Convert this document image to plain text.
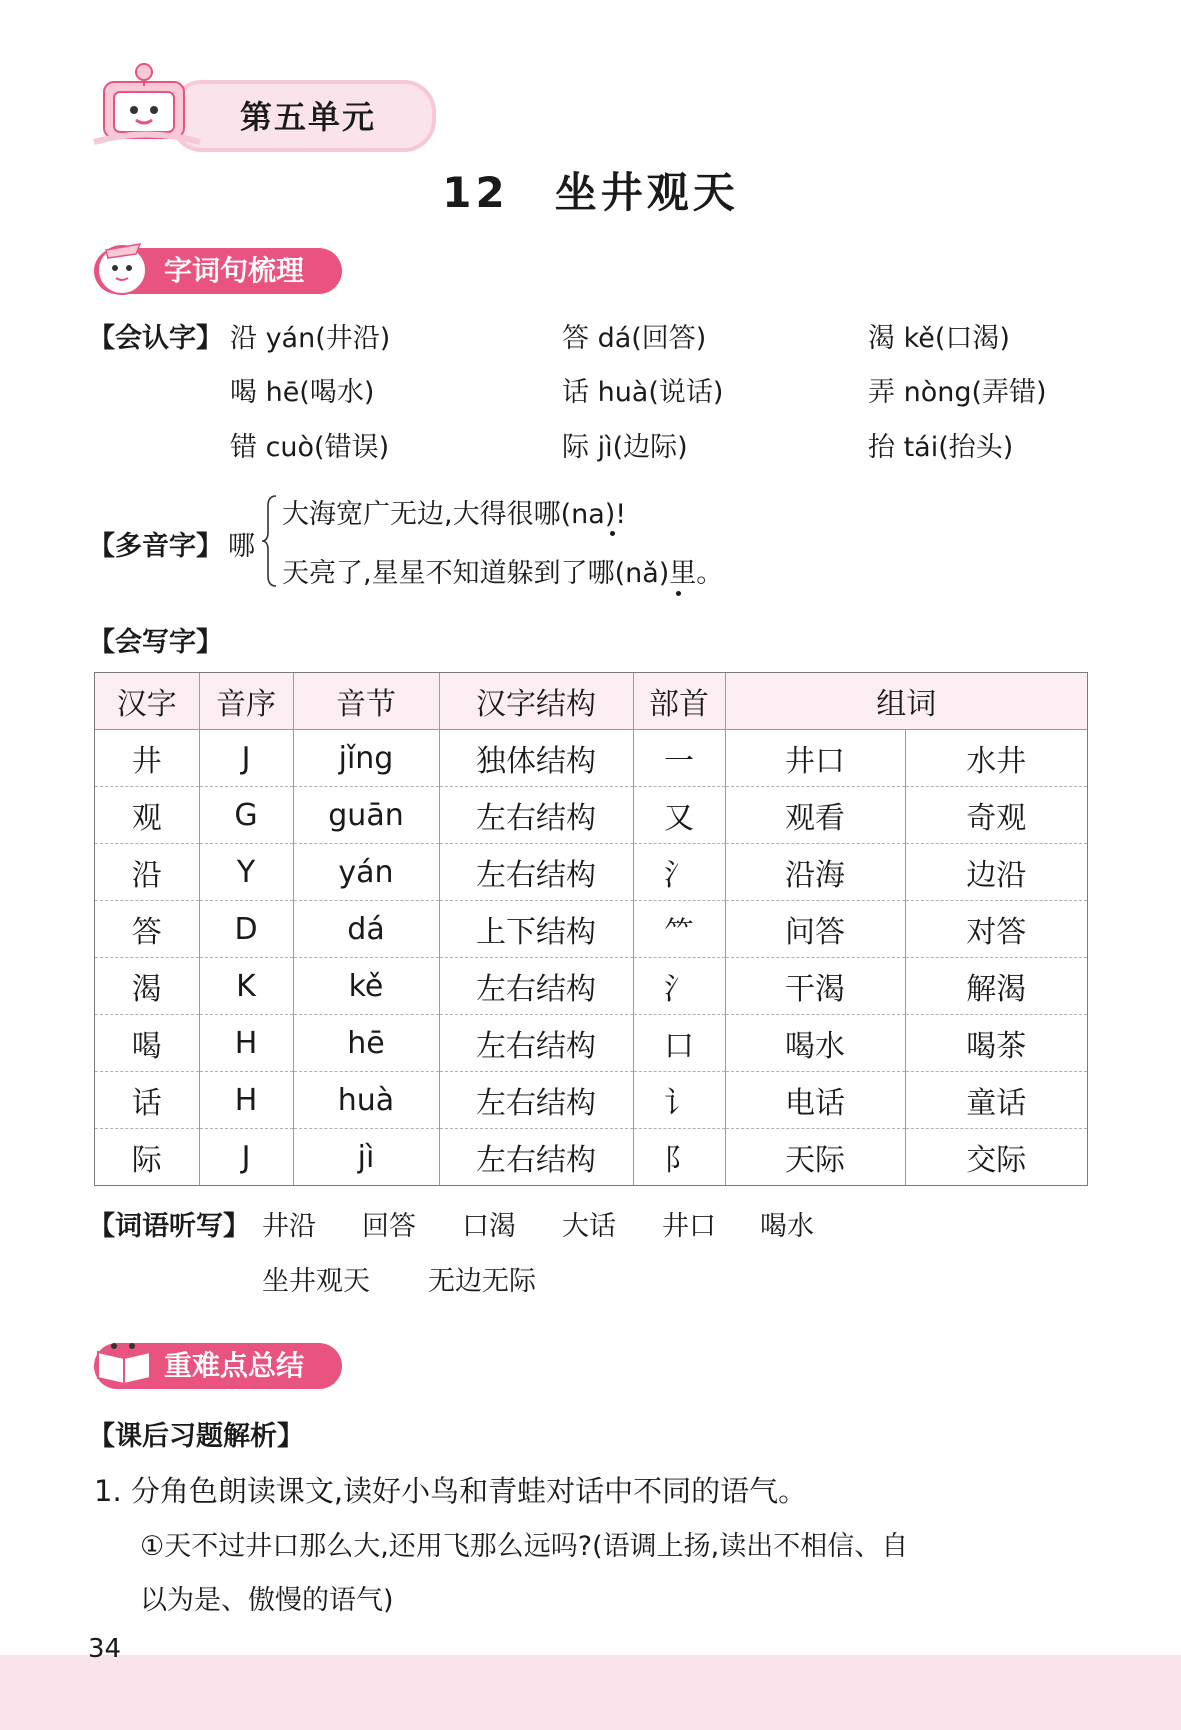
第五单元
12　坐井观天
字词句梳理
【会认字】 沿 yán(井沿)	答 dá(回答)	渴 kě(口渴)
喝 hē(喝水)	话 huà(说话)	弄 nòng(弄错)
错 cuò(错误)	际 jì(边际)	抬 tái(抬头)
【多音字】 哪
大海宽广无边,大得很哪(na)!
天亮了,星星不知道躲到了哪(nǎ)里。
【会写字】
汉字	音序	音节	汉字结构	部首	组词	
井	J	jǐng	独体结构	一	井口	水井
观	G	guān	左右结构	又	观看	奇观
沿	Y	yán	左右结构	氵	沿海	边沿
答	D	dá	上下结构	⺮	问答	对答
渴	K	kě	左右结构	氵	干渴	解渴
喝	H	hē	左右结构	口	喝水	喝茶
话	H	huà	左右结构	讠	电话	童话
际	J	jì	左右结构	阝	天际	交际
【词语听写】 井沿 回答 口渴 大话 井口 喝水
坐井观天 无边无际
重难点总结
【课后习题解析】
1. 分角色朗读课文,读好小鸟和青蛙对话中不同的语气。
①天不过井口那么大,还用飞那么远吗?(语调上扬,读出不相信、自
以为是、傲慢的语气)
34
